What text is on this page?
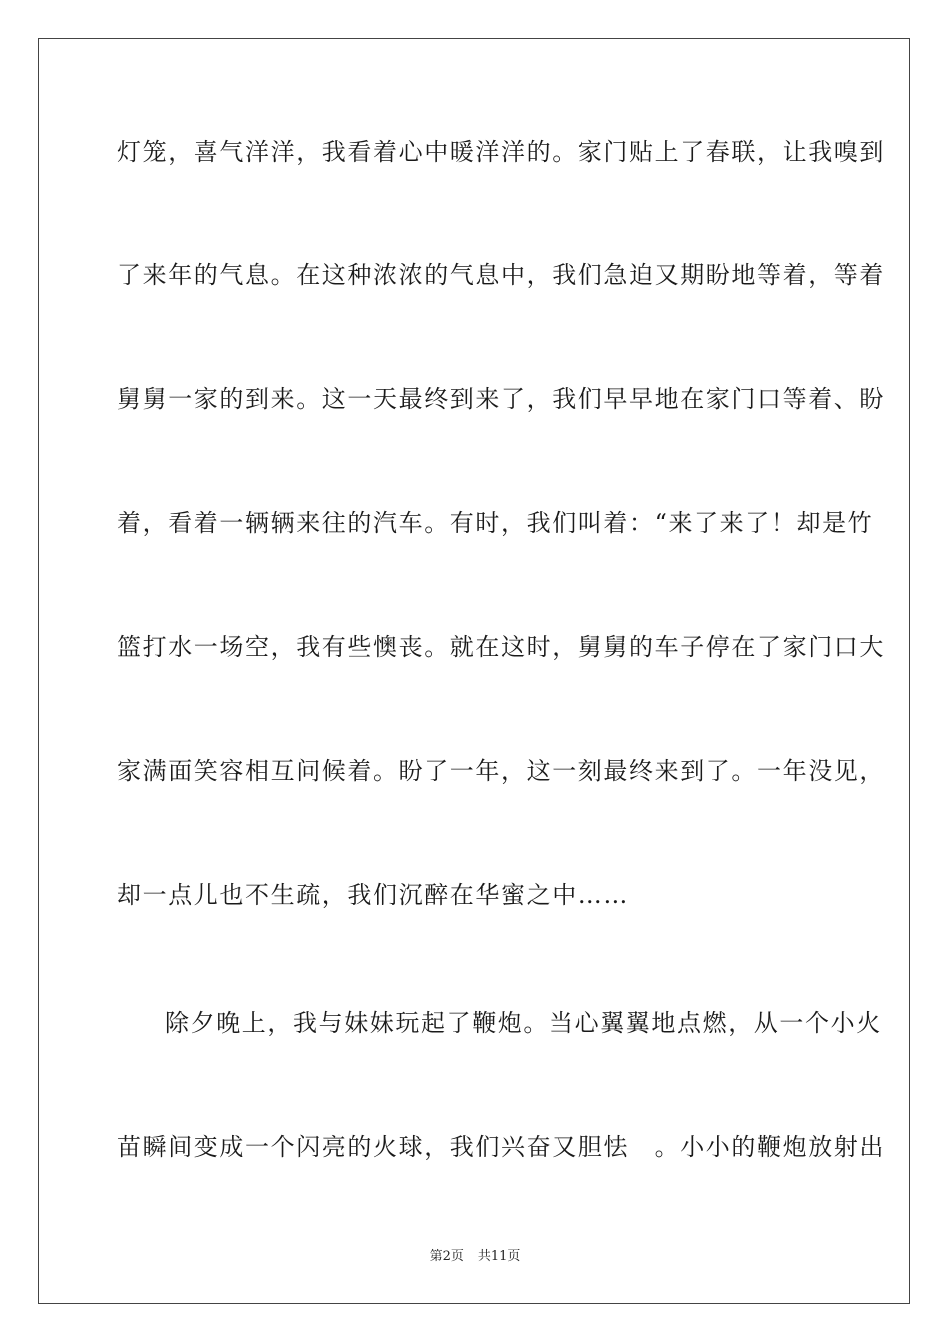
灯笼，喜气洋洋，我看着心中暖洋洋的。家门贴上了春联，让我嗅到
了来年的气息。在这种浓浓的气息中，我们急迫又期盼地等着，等着
舅舅一家的到来。这一天最终到来了，我们早早地在家门口等着、盼
着，看着一辆辆来往的汽车。有时，我们叫着：“来了来了！却是竹
篮打水一场空，我有些懊丧。就在这时，舅舅的车子停在了家门口大
家满面笑容相互问候着。盼了一年，这一刻最终来到了。一年没见，
却一点儿也不生疏，我们沉醉在华蜜之中……
除夕晚上，我与妹妹玩起了鞭炮。当心翼翼地点燃，从一个小火
苗瞬间变成一个闪亮的火球，我们兴奋又胆怯　。小小的鞭炮放射出
第2页 共11页
